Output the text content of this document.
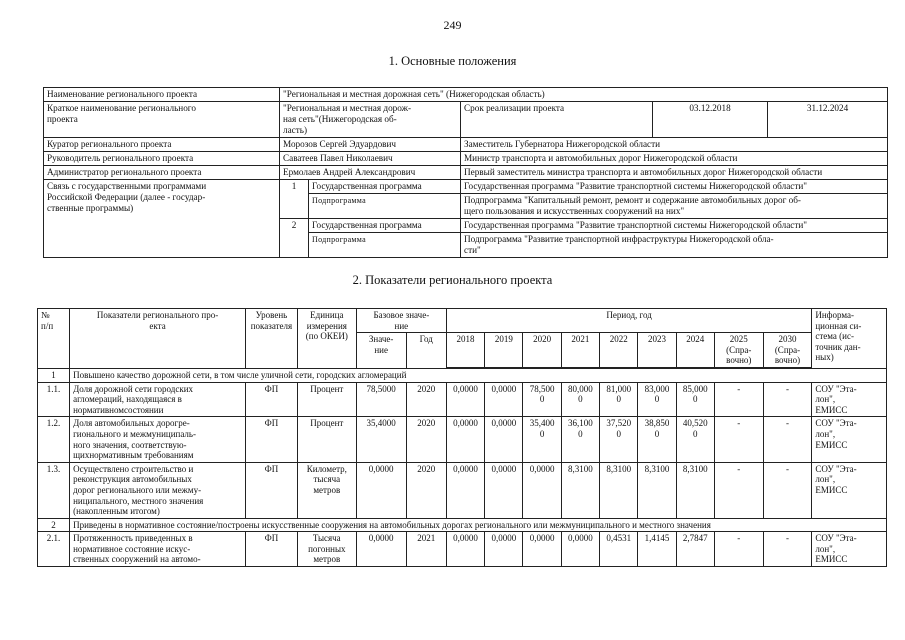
249
1. Основные положения
Наименование регионального проекта	"Региональная и местная дорожная сеть" (Нижегородская область)				
Краткое наименование регионального
проекта	"Региональная и местная дорож-
ная сеть"(Нижегородская об-
ласть)		Срок реализации проекта	03.12.2018	31.12.2024
Куратор регионального проекта	Морозов Сергей Эдуардович		Заместитель Губернатора Нижегородской области		
Руководитель регионального проекта	Саватеев Павел Николаевич		Министр транспорта и автомобильных дорог Нижегородской области		
Администратор регионального проекта	Ермолаев Андрей Александрович		Первый заместитель министра транспорта и автомобильных дорог Нижегородской области		
Связь с государственными программами
Российской Федерации (далее - государ-
ственные программы)	1	Государственная программа	Государственная программа "Развитие транспортной системы Нижегородской области"		
		Подпрограмма	Подпрограмма "Капитальный ремонт, ремонт и содержание автомобильных дорог об-
щего пользования и искусственных сооружений на них"		
	2	Государственная программа	Государственная программа "Развитие транспортной системы Нижегородской области"		
		Подпрограмма	Подпрограмма "Развитие транспортной инфраструктуры Нижегородской обла-
сти"		
2. Показатели регионального проекта
№
п/п	Показатели регионального про-
екта	Уровень
показателя	Единица
измерения
(по ОКЕИ)	Базовое значе-
ние		Период, год									Информа-
ционная си-
стема (ис-
точник дан-
ных)
				Значе-
ние	Год	2018	2019	2020	2021	2022	2023	2024	2025
(Спра-
вочно)	2030
(Спра-
вочно)	

1	Повышено качество дорожной сети, в том числе уличной сети, городских агломераций														
1.1.	Доля дорожной сети городских
агломераций, находящаяся в
нормативномсостоянии	ФП	Процент	78,5000	2020	0,0000	0,0000	78,500
0	80,000
0	81,000
0	83,000
0	85,000
0	-	-	СОУ "Эта-
лон",
ЕМИСС
1.2.	Доля автомобильных дорогре-
гионального и межмуниципаль-
ного значения, соответствую-
щихнормативным требованиям	ФП	Процент	35,4000	2020	0,0000	0,0000	35,400
0	36,100
0	37,520
0	38,850
0	40,520
0	-	-	СОУ "Эта-
лон",
ЕМИСС
1.3.	Осуществлено строительство и
реконструкция автомобильных
дорог регионального или межму-
ниципального, местного значения
(накопленным итогом)	ФП	Километр,
тысяча
метров	0,0000	2020	0,0000	0,0000	0,0000	8,3100	8,3100	8,3100	8,3100	-	-	СОУ "Эта-
лон",
ЕМИСС
2	Приведены в нормативное состояние/построены искусственные сооружения на автомобильных дорогах регионального или межмуниципального и местного значения														
2.1.	Протяженность приведенных в
нормативное состояние искус-
ственных сооружений на автомо-	ФП	Тысяча
погонных
метров	0,0000	2021	0,0000	0,0000	0,0000	0,0000	0,4531	1,4145	2,7847	-	-	СОУ "Эта-
лон",
ЕМИСС
